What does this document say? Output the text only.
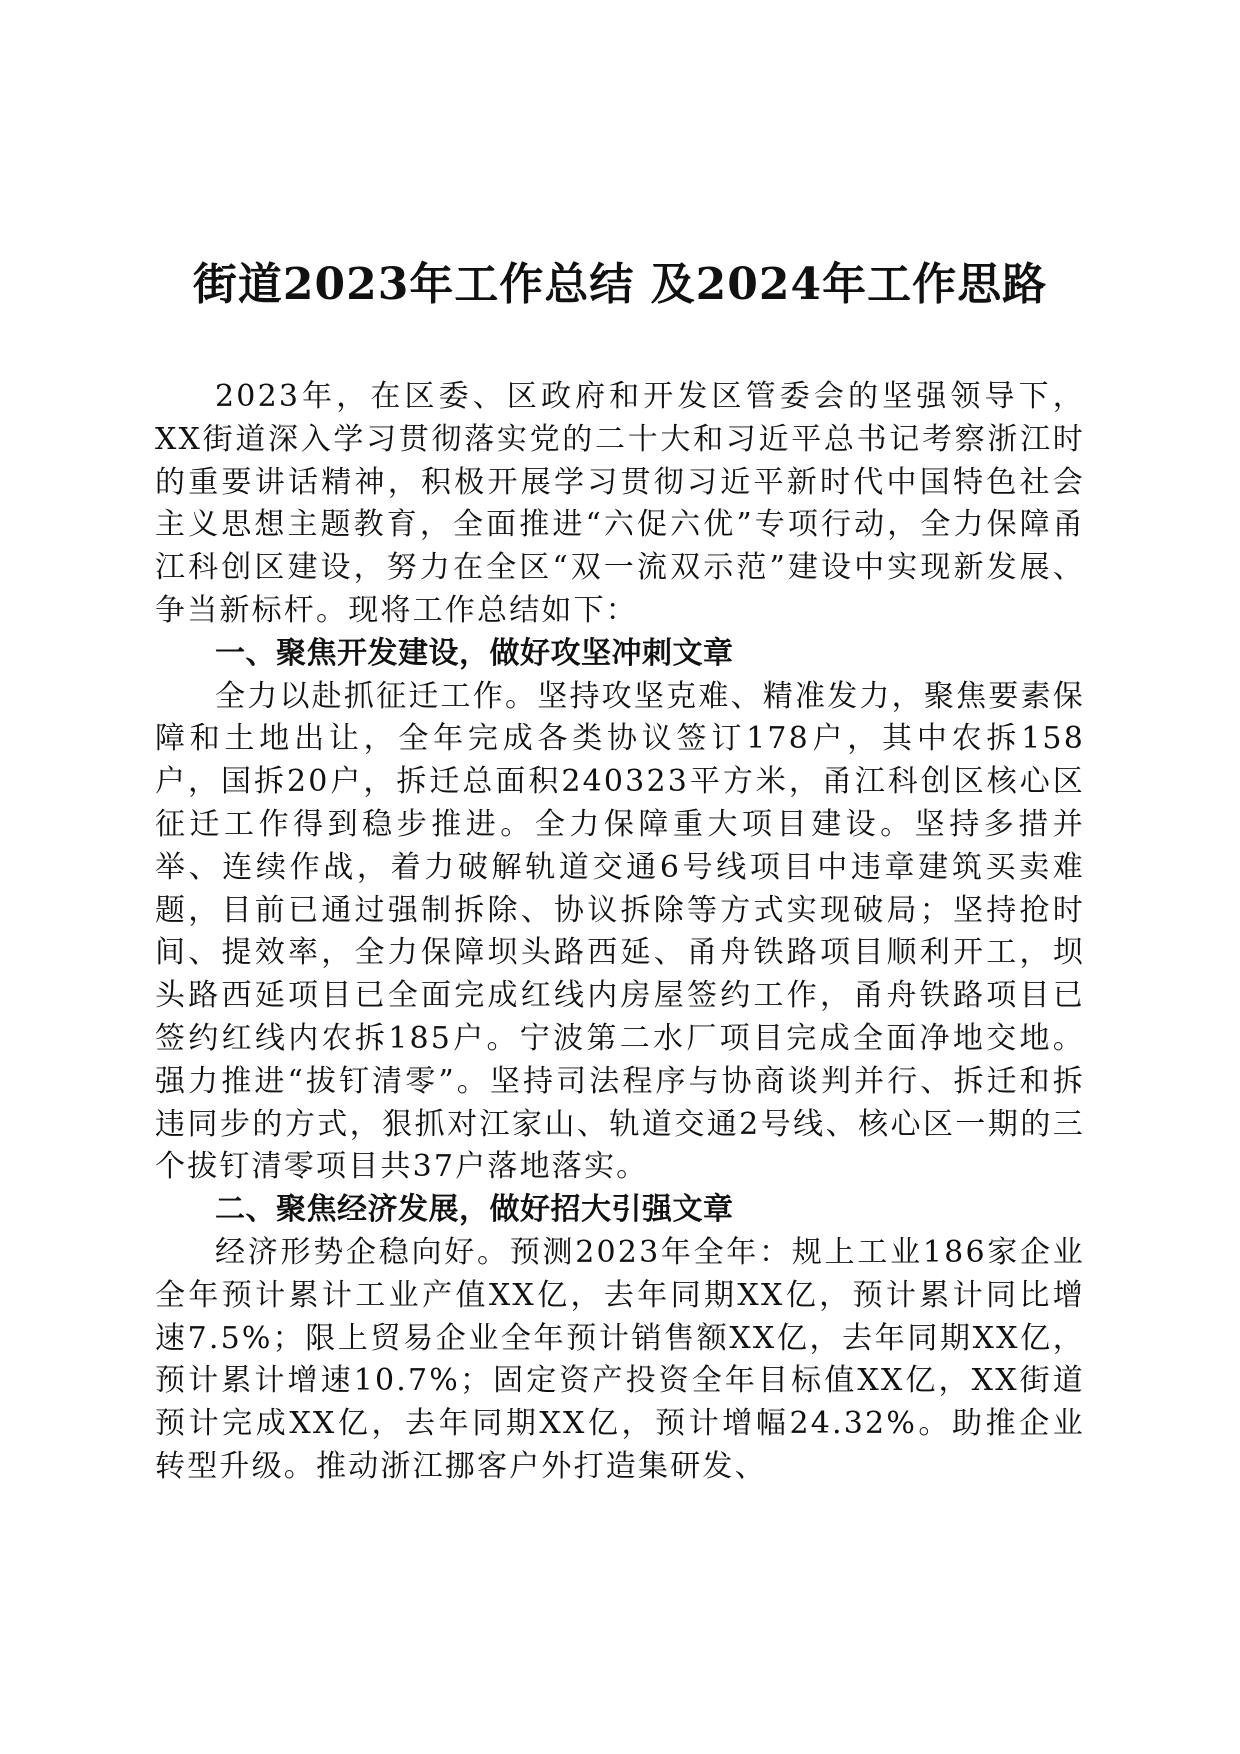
街道2023年工作总结 及2024年工作思路

2023年，在区委、区政府和开发区管委会的坚强领导下，XX街道深入学习贯彻落实党的二十大和习近平总书记考察浙江时的重要讲话精神，积极开展学习贯彻习近平新时代中国特色社会主义思想主题教育，全面推进“六促六优”专项行动，全力保障甬江科创区建设，努力在全区“双一流双示范”建设中实现新发展、争当新标杆。现将工作总结如下：

一、聚焦开发建设，做好攻坚冲刺文章

全力以赴抓征迁工作。坚持攻坚克难、精准发力，聚焦要素保障和土地出让，全年完成各类协议签订178户，其中农拆158户，国拆20户，拆迁总面积240323平方米，甬江科创区核心区征迁工作得到稳步推进。全力保障重大项目建设。坚持多措并举、连续作战，着力破解轨道交通6号线项目中违章建筑买卖难题，目前已通过强制拆除、协议拆除等方式实现破局；坚持抢时间、提效率，全力保障坝头路西延、甬舟铁路项目顺利开工，坝头路西延项目已全面完成红线内房屋签约工作，甬舟铁路项目已签约红线内农拆185户。宁波第二水厂项目完成全面净地交地。强力推进“拔钉清零”。坚持司法程序与协商谈判并行、拆迁和拆违同步的方式，狠抓对江家山、轨道交通2号线、核心区一期的三个拔钉清零项目共37户落地落实。

二、聚焦经济发展，做好招大引强文章

经济形势企稳向好。预测2023年全年：规上工业186家企业全年预计累计工业产值XX亿，去年同期XX亿，预计累计同比增速7.5%；限上贸易企业全年预计销售额XX亿，去年同期XX亿，预计累计增速10.7%；固定资产投资全年目标值XX亿，XX街道预计完成XX亿，去年同期XX亿，预计增幅24.32%。助推企业转型升级。推动浙江挪客户外打造集研发、
